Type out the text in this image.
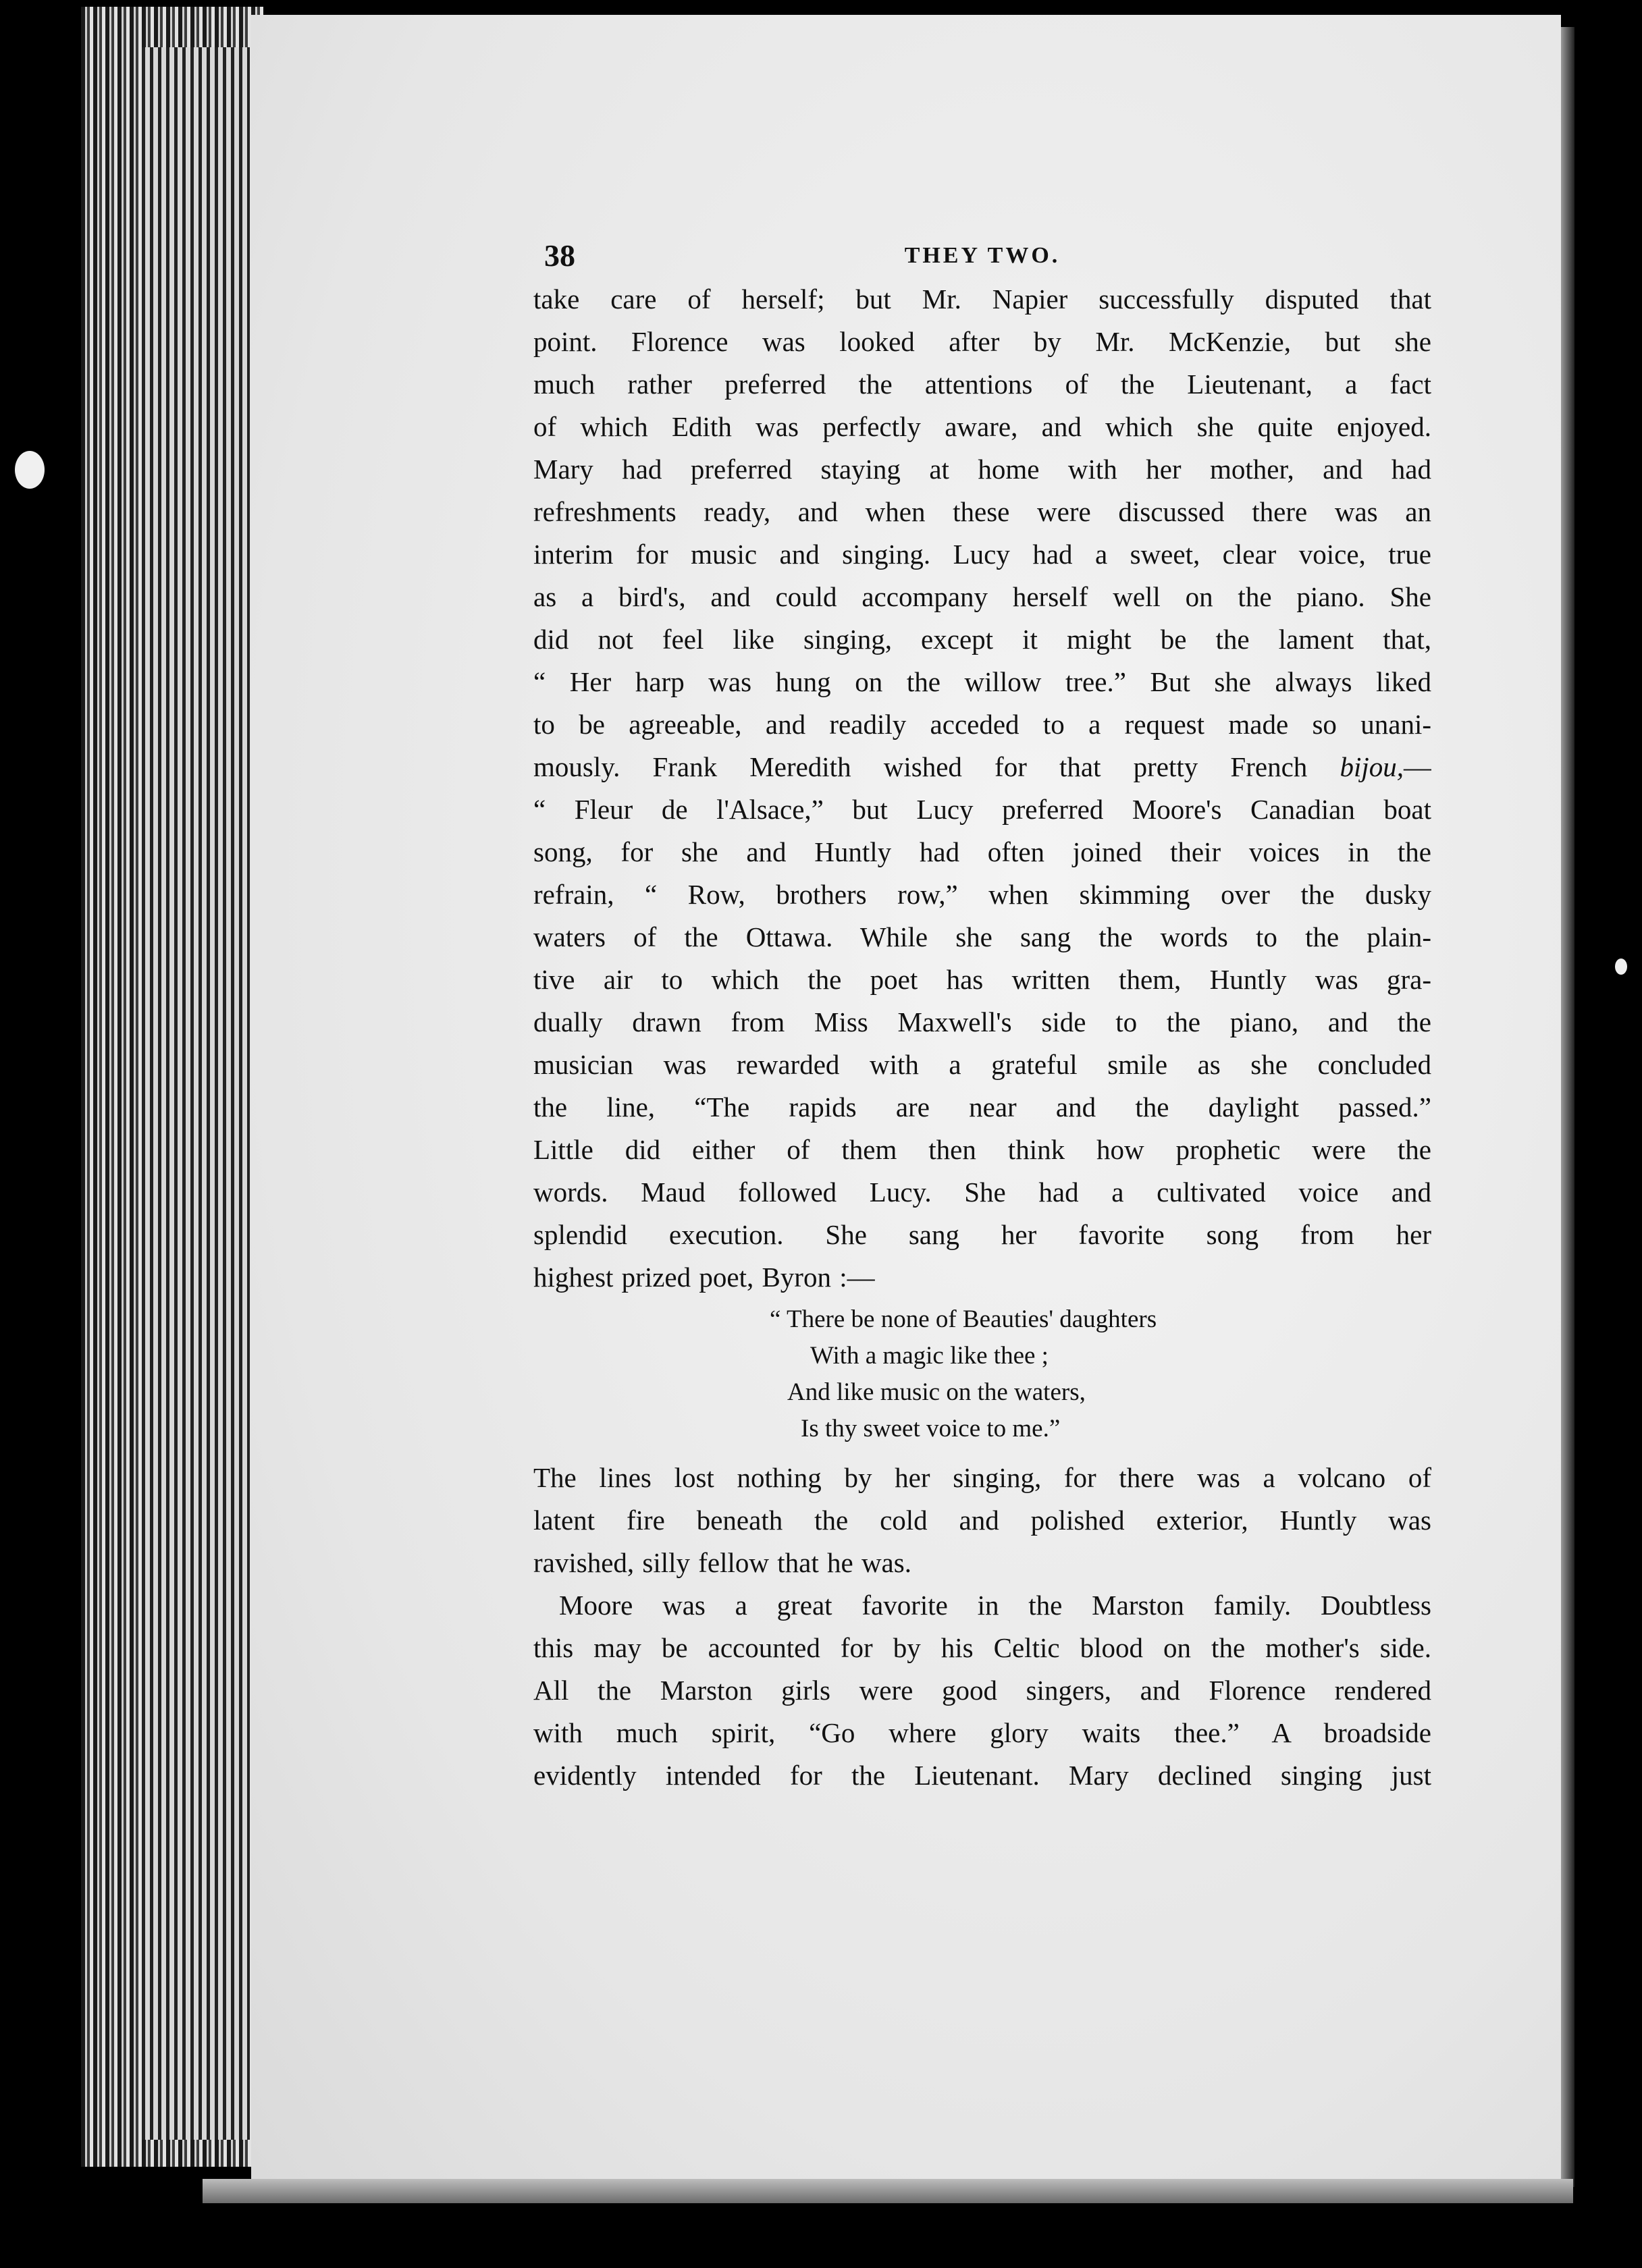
38	THEY TWO.
take care of herself; but Mr. Napier successfully disputed that
point. Florence was looked after by Mr. McKenzie, but she
much rather preferred the attentions of the Lieutenant, a fact
of which Edith was perfectly aware, and which she quite enjoyed.
Mary had preferred staying at home with her mother, and had
refreshments ready, and when these were discussed there was an
interim for music and singing. Lucy had a sweet, clear voice, true
as a bird's, and could accompany herself well on the piano. She
did not feel like singing, except it might be the lament that,
“ Her harp was hung on the willow tree.” But she always liked
to be agreeable, and readily acceded to a request made so unani-
mously. Frank Meredith wished for that pretty French bijou,—
“ Fleur de l'Alsace,” but Lucy preferred Moore's Canadian boat
song, for she and Huntly had often joined their voices in the
refrain, “ Row, brothers row,” when skimming over the dusky
waters of the Ottawa. While she sang the words to the plain-
tive air to which the poet has written them, Huntly was gra-
dually drawn from Miss Maxwell's side to the piano, and the
musician was rewarded with a grateful smile as she concluded
the line, “The rapids are near and the daylight passed.”
Little did either of them then think how prophetic were the
words. Maud followed Lucy. She had a cultivated voice and
splendid execution. She sang her favorite song from her
highest prized poet, Byron :—
“ There be none of Beauties' daughters
With a magic like thee ;
And like music on the waters,
Is thy sweet voice to me.”
The lines lost nothing by her singing, for there was a volcano of
latent fire beneath the cold and polished exterior, Huntly was
ravished, silly fellow that he was.
Moore was a great favorite in the Marston family. Doubtless
this may be accounted for by his Celtic blood on the mother's side.
All the Marston girls were good singers, and Florence rendered
with much spirit, “Go where glory waits thee.” A broadside
evidently intended for the Lieutenant. Mary declined singing just
